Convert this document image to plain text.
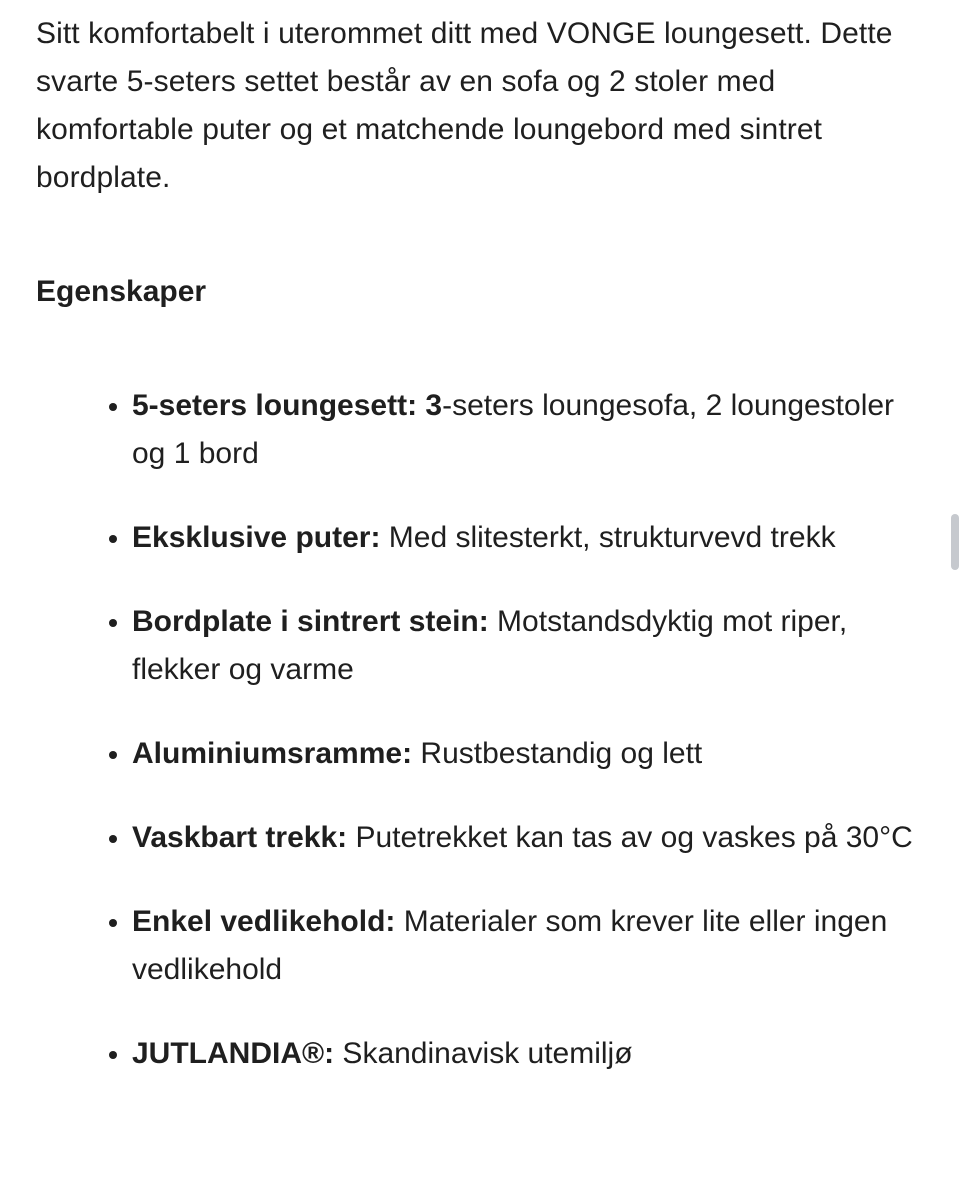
Sitt komfortabelt i uterommet ditt med VONGE loungesett. Dette svarte 5-seters settet består av en sofa og 2 stoler med komfortable puter og et matchende loungebord med sintret bordplate.

Egenskaper
• 5-seters loungesett: 3-seters loungesofa, 2 loungestoler og 1 bord
• Eksklusive puter: Med slitesterkt, strukturvevd trekk
• Bordplate i sintrert stein: Motstandsdyktig mot riper, flekker og varme
• Aluminiumsramme: Rustbestandig og lett
• Vaskbart trekk: Putetrekket kan tas av og vaskes på 30°C
• Enkel vedlikehold: Materialer som krever lite eller ingen vedlikehold
• JUTLANDIA®: Skandinavisk utemiljø
